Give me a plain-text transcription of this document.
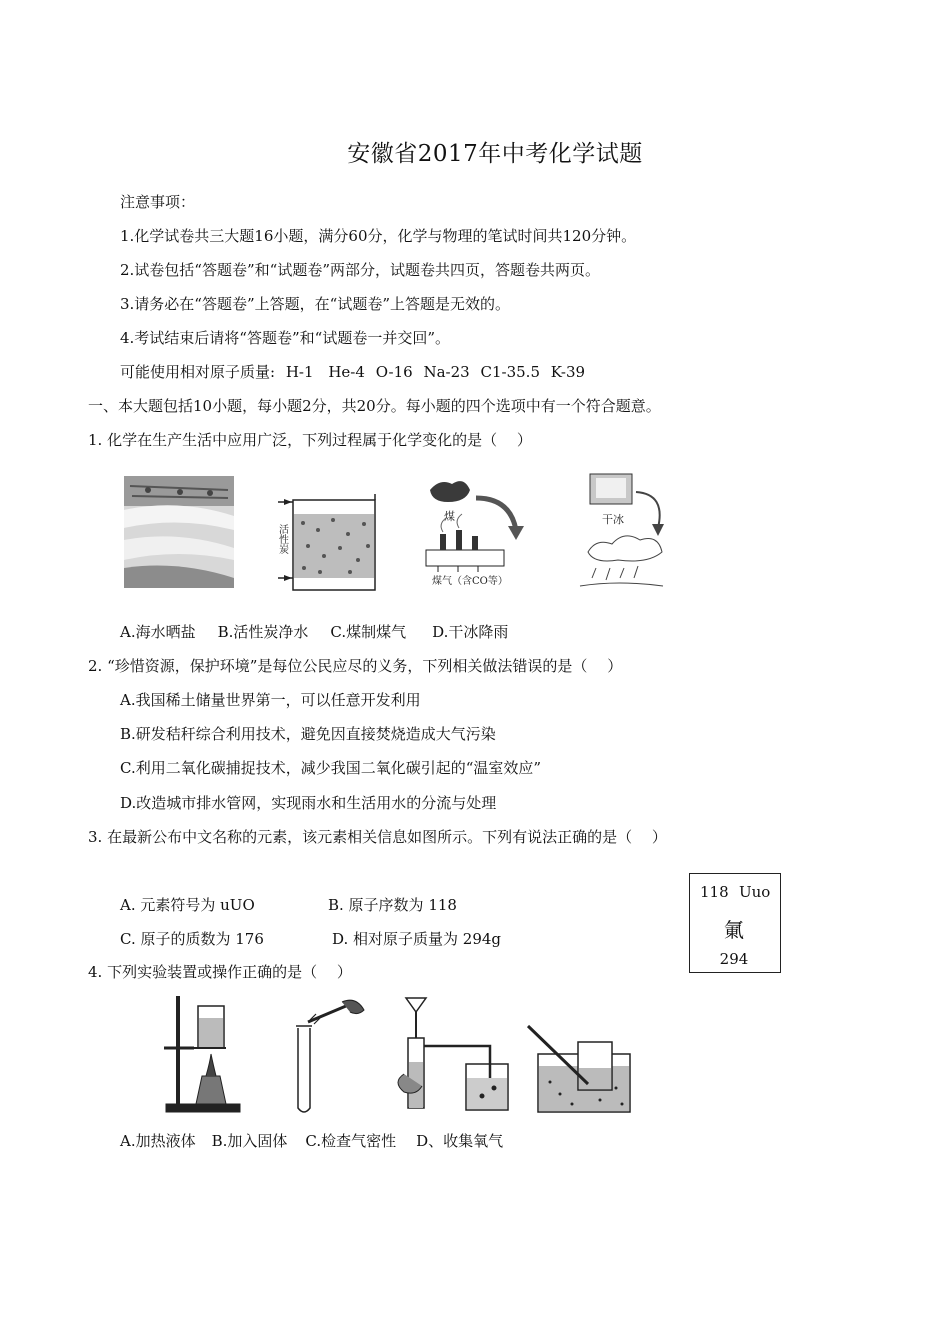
安徽省2017年中考化学试题
注意事项：
1.化学试卷共三大题16小题，满分60分，化学与物理的笔试时间共120分钟。
2.试卷包括“答题卷”和“试题卷”两部分，试题卷共四页，答题卷共两页。
3.请务必在“答题卷”上答题，在“试题卷”上答题是无效的。
4.考试结束后请将“答题卷”和“试题卷一并交回”。
可能使用相对原子质量: H-1 He-4 O-16 Na-23 C1-35.5 K-39
一、本大题包括10小题，每小题2分，共20分。每小题的四个选项中有一个符合题意。
1. 化学在生产生活中应用广泛，下列过程属于化学变化的是（　 ）
活性炭
煤
煤气（含CO等）
干冰
A.海水晒盐 B.活性炭净水 C.煤制煤气 D.干冰降雨
2. “珍惜资源，保护环境”是每位公民应尽的义务，下列相关做法错误的是（　 ）
A.我国稀土储量世界第一，可以任意开发利用
B.研发秸秆综合利用技术，避免因直接焚烧造成大气污染
C.利用二氧化碳捕捉技术，减少我国二氧化碳引起的“温室效应”
D.改造城市排水管网，实现雨水和生活用水的分流与处理
3. 在最新公布中文名称的元素，该元素相关信息如图所示。下列有说法正确的是（　 ）
A. 元素符号为 uUO	B. 原子序数为 118
C. 原子的质数为 176	D. 相对原子质量为 294g
118 Uuo
氭
294
4. 下列实验装置或操作正确的是（　 ）
A.加热液体 B.加入固体 C.检查气密性 D、收集氧气
